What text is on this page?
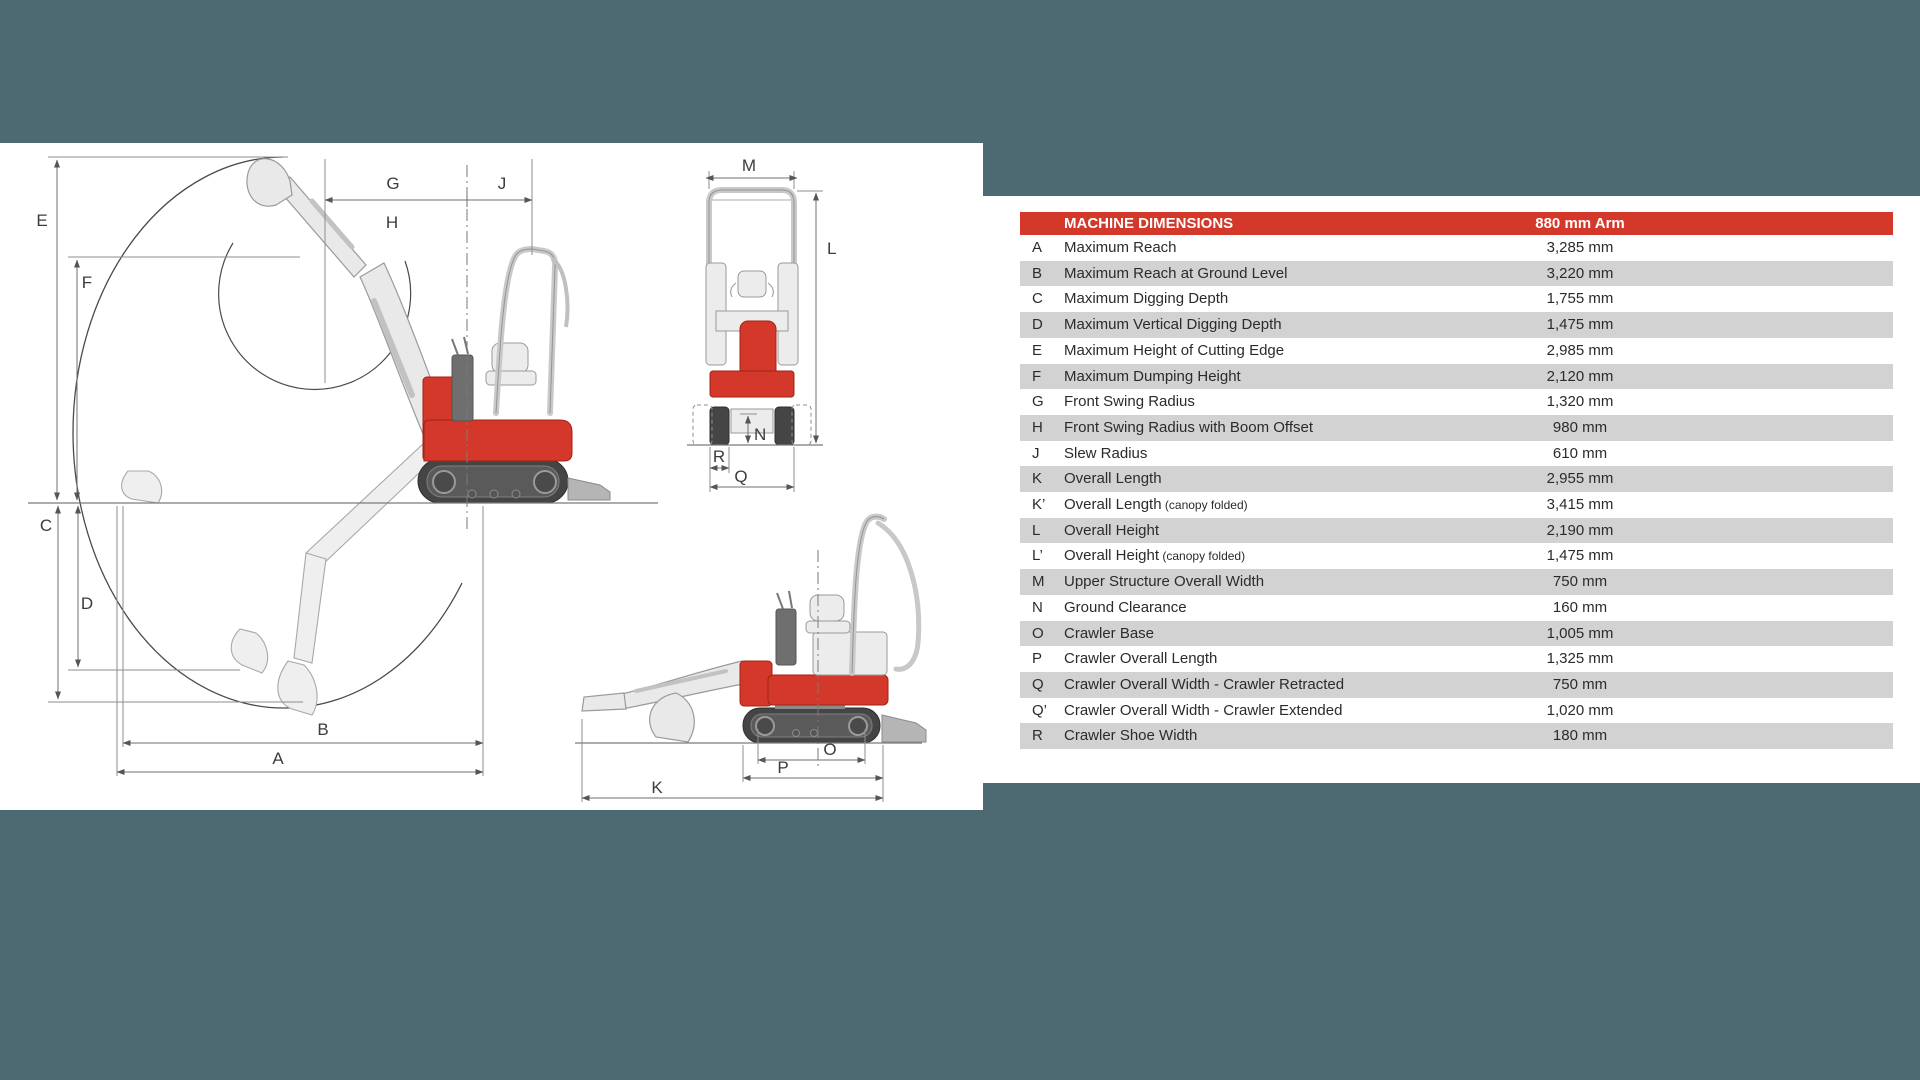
E
F
C
D
G
H
J
B
A
M
L
N
R
Q
O
P
K
MACHINE DIMENSIONS	880 mm Arm
A Maximum Reach	3,285 mm
B Maximum Reach at Ground Level	3,220 mm
C Maximum Digging Depth	1,755 mm
D Maximum Vertical Digging Depth	1,475 mm
E Maximum Height of Cutting Edge	2,985 mm
F Maximum Dumping Height	2,120 mm
G Front Swing Radius	1,320 mm
H Front Swing Radius with Boom Offset	980 mm
J Slew Radius	610 mm
K Overall Length	2,955 mm
K’ Overall Length (canopy folded)	3,415 mm
L Overall Height	2,190 mm
L’ Overall Height (canopy folded)	1,475 mm
M Upper Structure Overall Width	750 mm
N Ground Clearance	160 mm
O Crawler Base	1,005 mm
P Crawler Overall Length	1,325 mm
Q Crawler Overall Width - Crawler Retracted	750 mm
Q’ Crawler Overall Width - Crawler Extended	1,020 mm
R Crawler Shoe Width	180 mm
